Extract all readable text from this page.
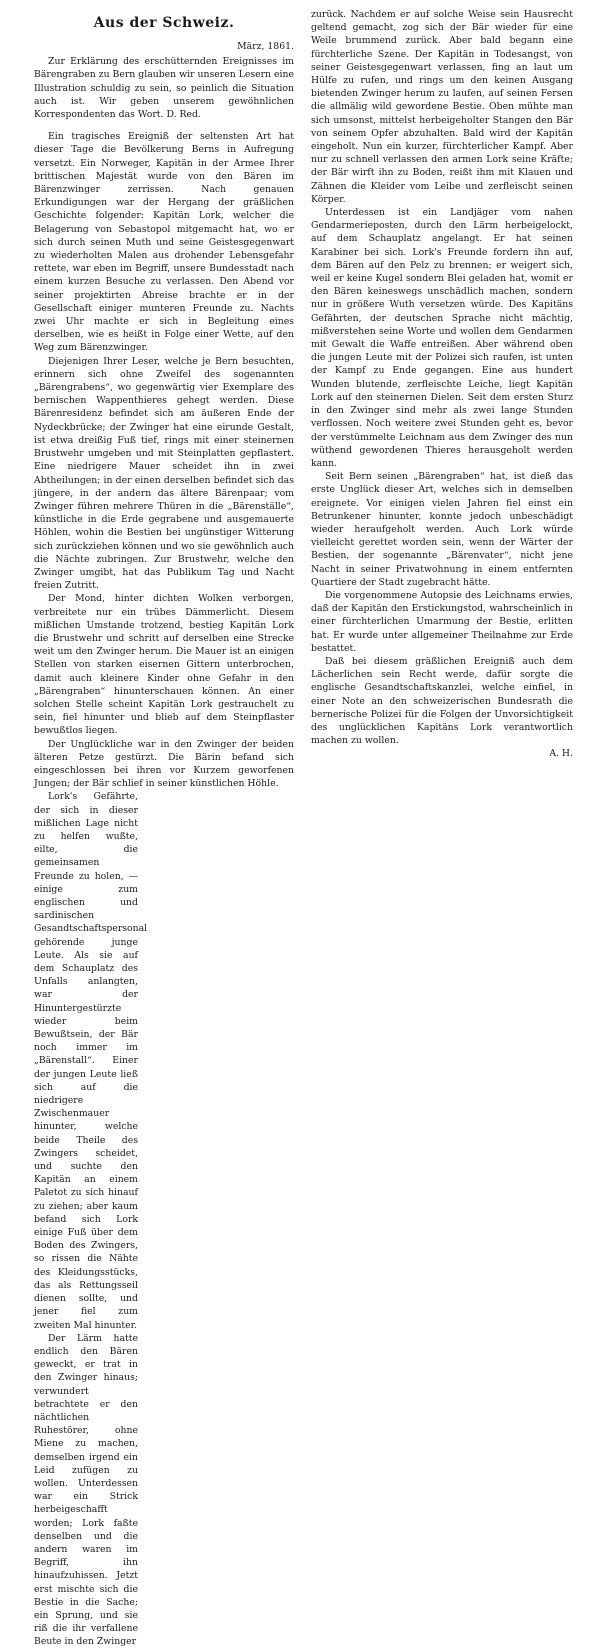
Aus der Schweiz.
März, 1861.

Zur Erklärung des erschütternden Ereignisses im Bärengraben zu Bern glauben wir unseren Lesern eine Illustration schuldig zu sein, so peinlich die Situation auch ist. Wir geben unserem gewöhnlichen Korrespondenten das Wort. D. Red.

Ein tragisches Ereigniß der seltensten Art hat dieser Tage die Bevölkerung Berns in Aufregung versetzt. Ein Norweger, Kapitän in der Armee Ihrer brittischen Majestät wurde von den Bären im Bärenzwinger zerrissen. Nach genauen Erkundigungen war der Hergang der gräßlichen Geschichte folgender: Kapitän Lork, welcher die Belagerung von Sebastopol mitgemacht hat, wo er sich durch seinen Muth und seine Geistesgegenwart zu wiederholten Malen aus drohender Lebensgefahr rettete, war eben im Begriff, unsere Bundesstadt nach einem kurzen Besuche zu verlassen. Den Abend vor seiner projektirten Abreise brachte er in der Gesellschaft einiger munteren Freunde zu. Nachts zwei Uhr machte er sich in Begleitung eines derselben, wie es heißt in Folge einer Wette, auf den Weg zum Bärenzwinger.

Diejenigen Ihrer Leser, welche je Bern besuchten, erinnern sich ohne Zweifel des sogenannten „Bärengrabens“, wo gegenwärtig vier Exemplare des bernischen Wappenthieres gehegt werden. Diese Bärenresidenz befindet sich am äußeren Ende der Nydeckbrücke; der Zwinger hat eine eirunde Gestalt, ist etwa dreißig Fuß tief, rings mit einer steinernen Brustwehr umgeben und mit Steinplatten gepflastert. Eine niedrigere Mauer scheidet ihn in zwei Abtheilungen; in der einen derselben befindet sich das jüngere, in der andern das ältere Bärenpaar; vom Zwinger führen mehrere Thüren in die „Bärenställe“, künstliche in die Erde gegrabene und ausgemauerte Höhlen, wohin die Bestien bei ungünstiger Witterung sich zurückziehen können und wo sie gewöhnlich auch die Nächte zubringen. Zur Brustwehr, welche den Zwinger umgibt, hat das Publikum Tag und Nacht freien Zutritt.

Der Mond, hinter dichten Wolken verborgen, verbreitete nur ein trübes Dämmerlicht. Diesem mißlichen Umstande trotzend, bestieg Kapitän Lork die Brustwehr und schritt auf derselben eine Strecke weit um den Zwinger herum. Die Mauer ist an einigen Stellen von starken eisernen Gittern unterbrochen, damit auch kleinere Kinder ohne Gefahr in den „Bärengraben“ hinunterschauen können. An einer solchen Stelle scheint Kapitän Lork gestrauchelt zu sein, fiel hinunter und blieb auf dem Steinpflaster bewußtlos liegen.

Der Unglückliche war in den Zwinger der beiden älteren Petze gestürzt. Die Bärin befand sich eingeschlossen bei ihren vor Kurzem geworfenen Jungen; der Bär schlief in seiner künstlichen Höhle.

Lork's Gefährte, der sich in dieser mißlichen Lage nicht zu helfen wußte, eilte, die gemeinsamen Freunde zu holen, — einige zum englischen und sardinischen Gesandtschaftspersonal gehörende junge Leute. Als sie auf dem Schauplatz des Unfalls anlangten, war der Hinuntergestürzte wieder beim Bewußtsein, der Bär noch immer im „Bärenstall“. Einer der jungen Leute ließ sich auf die niedrigere Zwischenmauer hinunter, welche beide Theile des Zwingers scheidet, und suchte den Kapitän an einem Paletot zu sich hinauf zu ziehen; aber kaum befand sich Lork einige Fuß über dem Boden des Zwingers, so rissen die Nähte des Kleidungsstücks, das als Rettungsseil dienen sollte, und jener fiel zum zweiten Mal hinunter.

Der Lärm hatte endlich den Bären geweckt, er trat in den Zwinger hinaus; verwundert betrachtete er den nächtlichen Ruhestörer, ohne Miene zu machen, demselben irgend ein Leid zufügen zu wollen. Unterdessen war ein Strick herbeigeschafft worden; Lork faßte denselben und die andern waren im Begriff, ihn hinaufzuhissen. Jetzt erst mischte sich die Bestie in die Sache; ein Sprung, und sie riß die ihr verfallene Beute in den Zwinger

zurück. Nachdem er auf solche Weise sein Hausrecht geltend gemacht, zog sich der Bär wieder für eine Weile brummend zurück. Aber bald begann eine fürchterliche Szene. Der Kapitän in Todesangst, von seiner Geistesgegenwart verlassen, fing an laut um Hülfe zu rufen, und rings um den keinen Ausgang bietenden Zwinger herum zu laufen, auf seinen Fersen die allmälig wild gewordene Bestie. Oben mühte man sich umsonst, mittelst herbeigeholter Stangen den Bär von seinem Opfer abzuhalten. Bald wird der Kapitän eingeholt. Nun ein kurzer, fürchterlicher Kampf. Aber nur zu schnell verlassen den armen Lork seine Kräfte; der Bär wirft ihn zu Boden, reißt ihm mit Klauen und Zähnen die Kleider vom Leibe und zerfleischt seinen Körper.

Unterdessen ist ein Landjäger vom nahen Gendarmerieposten, durch den Lärm herbeigelockt, auf dem Schauplatz angelangt. Er hat seinen Karabiner bei sich. Lork's Freunde fordern ihn auf, dem Bären auf den Pelz zu brennen; er weigert sich, weil er keine Kugel sondern Blei geladen hat, womit er den Bären keineswegs unschädlich machen, sondern nur in größere Wuth versetzen würde. Des Kapitäns Gefährten, der deutschen Sprache nicht mächtig, mißverstehen seine Worte und wollen dem Gendarmen mit Gewalt die Waffe entreißen. Aber während oben die jungen Leute mit der Polizei sich raufen, ist unten der Kampf zu Ende gegangen. Eine aus hundert Wunden blutende, zerfleischte Leiche, liegt Kapitän Lork auf den steinernen Dielen. Seit dem ersten Sturz in den Zwinger sind mehr als zwei lange Stunden verflossen. Noch weitere zwei Stunden geht es, bevor der verstümmelte Leichnam aus dem Zwinger des nun wüthend gewordenen Thieres herausgeholt werden kann.

Seit Bern seinen „Bärengraben“ hat, ist dieß das erste Unglück dieser Art, welches sich in demselben ereignete. Vor einigen vielen Jahren fiel einst ein Betrunkener hinunter, konnte jedoch unbeschädigt wieder heraufgeholt werden. Auch Lork würde vielleicht gerettet worden sein, wenn der Wärter der Bestien, der sogenannte „Bärenvater“, nicht jene Nacht in seiner Privatwohnung in einem entfernten Quartiere der Stadt zugebracht hätte.

Die vorgenommene Autopsie des Leichnams erwies, daß der Kapitän den Erstickungstod, wahrscheinlich in einer fürchterlichen Umarmung der Bestie, erlitten hat. Er wurde unter allgemeiner Theilnahme zur Erde bestattet.

Daß bei diesem gräßlichen Ereigniß auch dem Lächerlichen sein Recht werde, dafür sorgte die englische Gesandtschaftskanzlei, welche einfiel, in einer Note an den schweizerischen Bundesrath die bernerische Polizei für die Folgen der Unvorsichtigkeit des unglücklichen Kapitäns Lork verantwortlich machen zu wollen.

A. H.
